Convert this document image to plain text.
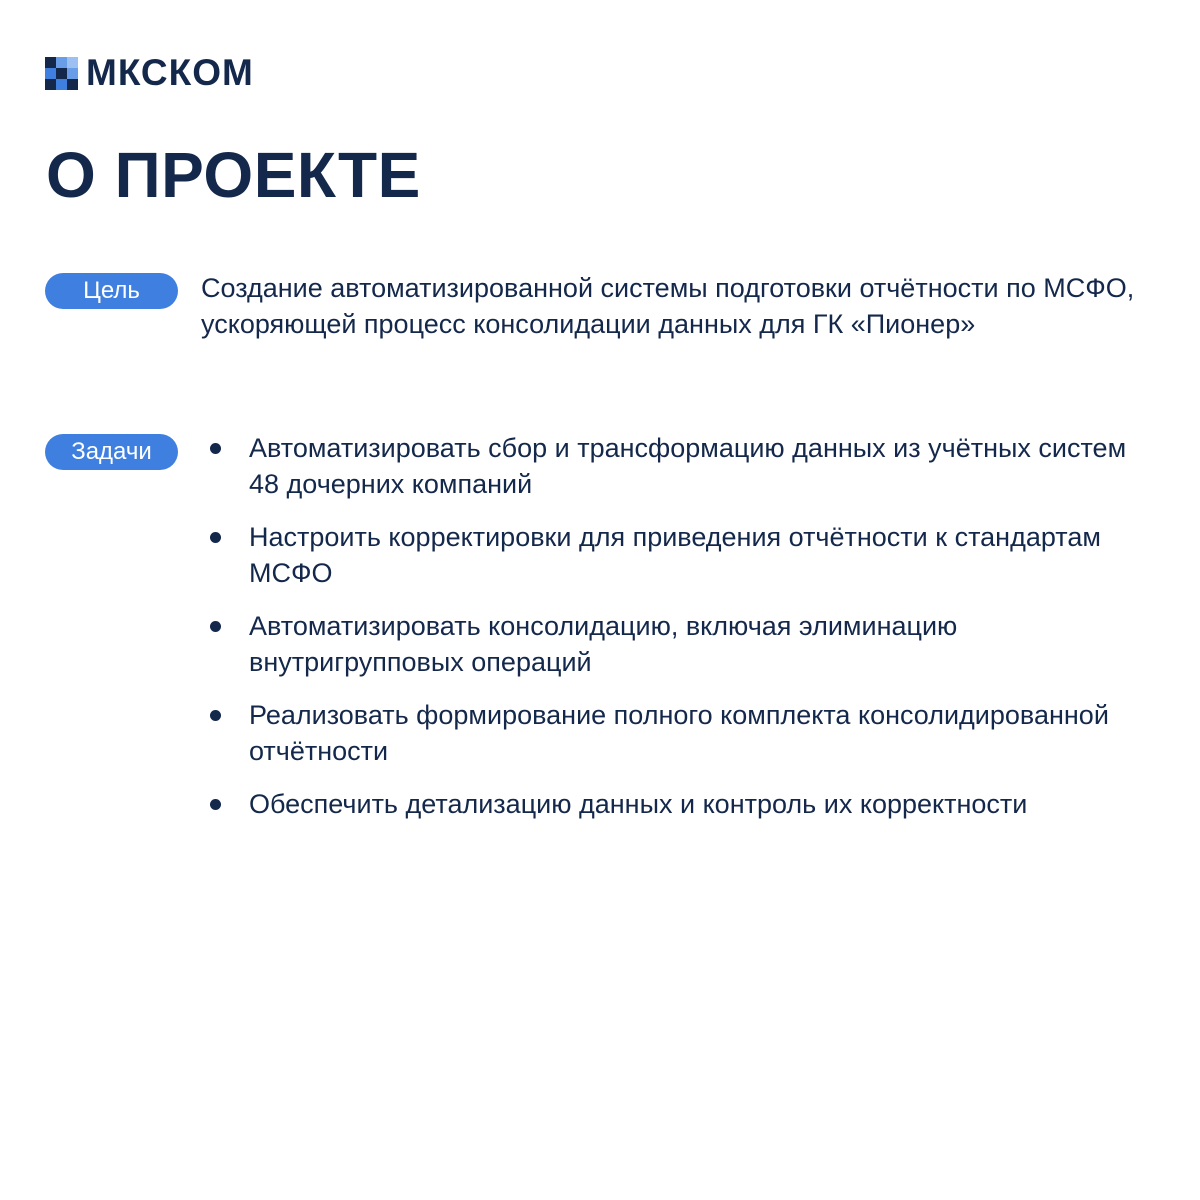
МКСКОМ
О ПРОЕКТЕ
Цель	Создание автоматизированной системы подготовки отчётности по МСФО, ускоряющей процесс консолидации данных для ГК «Пионер»

Задачи	Автоматизировать сбор и трансформацию данных из учётных систем 48 дочерних компаний
Настроить корректировки для приведения отчётности к стандартам МСФО
Автоматизировать консолидацию, включая элиминацию внутригрупповых операций
Реализовать формирование полного комплекта консолидированной отчётности
Обеспечить детализацию данных и контроль их корректности
